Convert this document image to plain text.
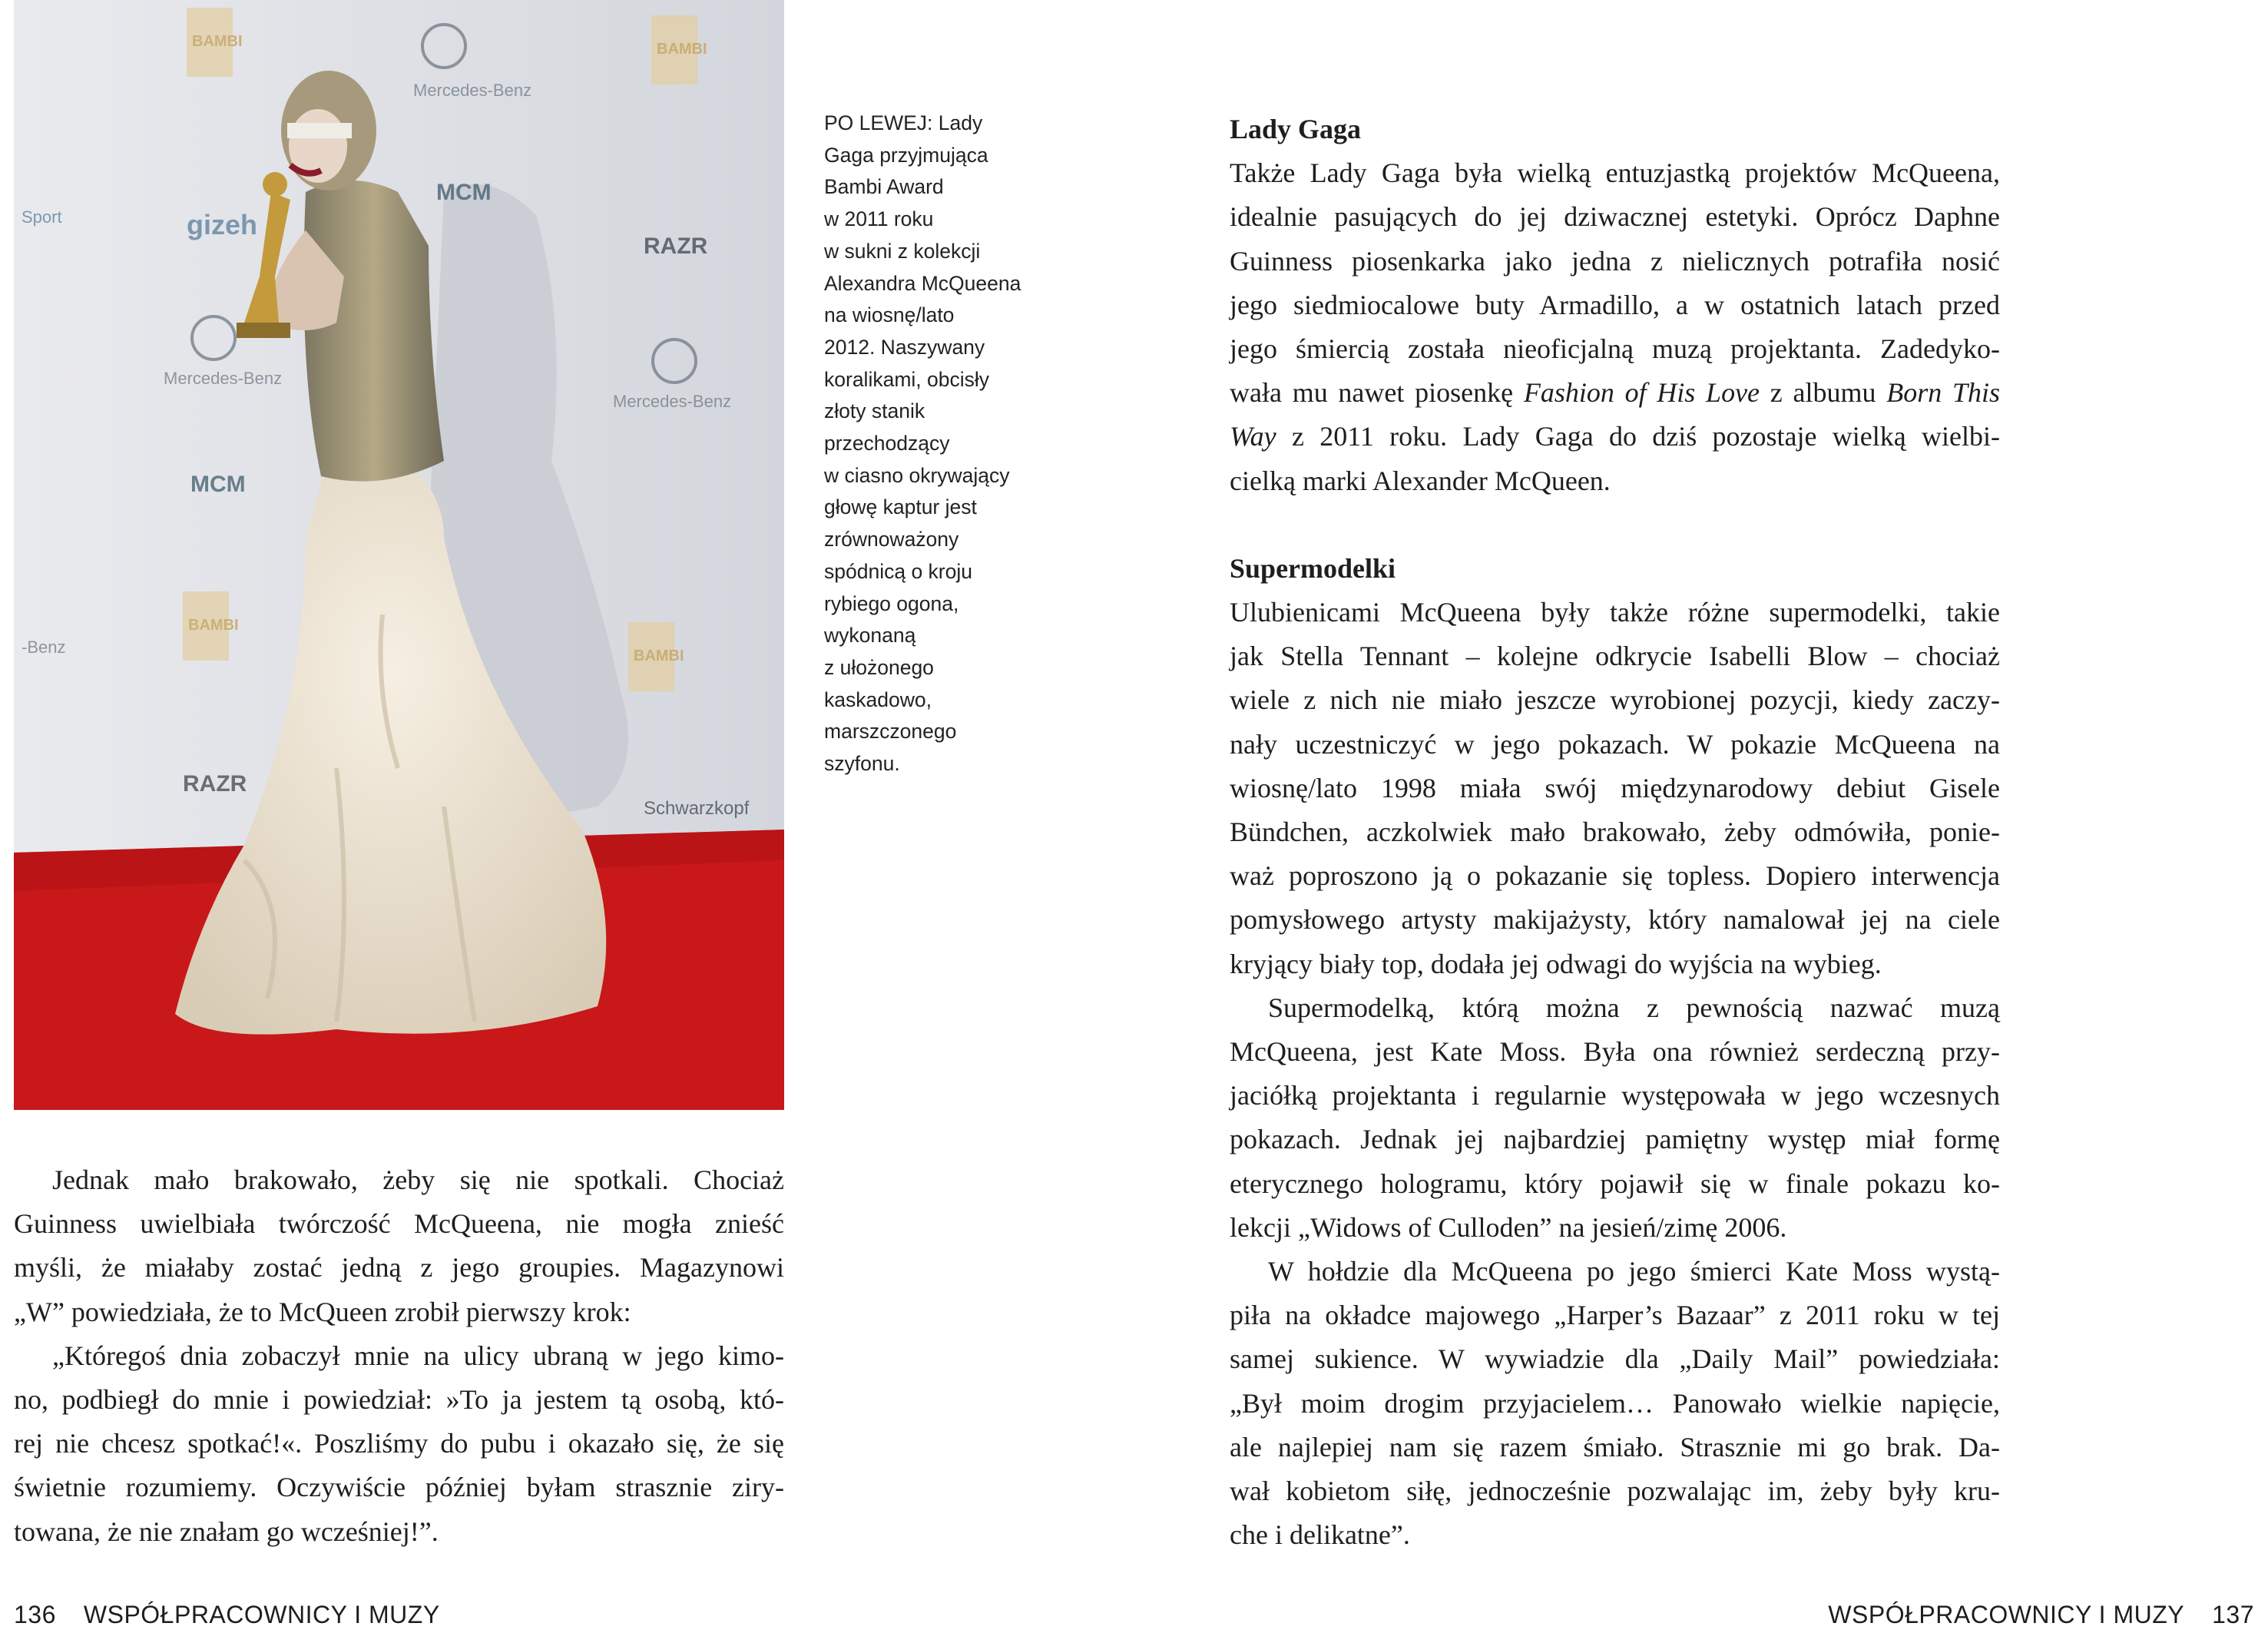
Mercedes-Benz
Mercedes-Benz
Mercedes-Benz
RAZR
gizeh
MCM
MCM
RAZR
Schwarzkopf
Sport
-Benz
BAMBI	BAMBI
BAMBI
BAMBI
PO LEWEJ: Lady
Gaga przyjmująca
Bambi Award
w 2011 roku
w sukni z kolekcji
Alexandra McQueena
na wiosnę/lato
2012. Naszywany
koralikami, obcisły
złoty stanik
przechodzący
w ciasno okrywający
głowę kaptur jest
zrównoważony
spódnicą o kroju
rybiego ogona,
wykonaną
z ułożonego
kaskadowo,
marszczonego
szyfonu.
Jednak mało brakowało, żeby się nie spotkali. Chociaż
Guinness uwielbiała twórczość McQueena, nie mogła znieść
myśli, że miałaby zostać jedną z jego groupies. Magazynowi
„W” powiedziała, że to McQueen zrobił pierwszy krok:
„Któregoś dnia zobaczył mnie na ulicy ubraną w jego kimo-
no, podbiegł do mnie i powiedział: »To ja jestem tą osobą, któ-
rej nie chcesz spotkać!«. Poszliśmy do pubu i okazało się, że się
świetnie rozumiemy. Oczywiście później byłam strasznie ziry-
towana, że nie znałam go wcześniej!”.
Lady Gaga
Także Lady Gaga była wielką entuzjastką projektów McQueena,
idealnie pasujących do jej dziwacznej estetyki. Oprócz Daphne
Guinness piosenkarka jako jedna z nielicznych potrafiła nosić
jego siedmiocalowe buty Armadillo, a w ostatnich latach przed
jego śmiercią została nieoficjalną muzą projektanta. Zadedyko-
wała mu nawet piosenkę Fashion of His Love z albumu Born This
Way z 2011 roku. Lady Gaga do dziś pozostaje wielką wielbi-
cielką marki Alexander McQueen.
Supermodelki
Ulubienicami McQueena były także różne supermodelki, takie
jak Stella Tennant – kolejne odkrycie Isabelli Blow – chociaż
wiele z nich nie miało jeszcze wyrobionej pozycji, kiedy zaczy-
nały uczestniczyć w jego pokazach. W pokazie McQueena na
wiosnę/lato 1998 miała swój międzynarodowy debiut Gisele
Bündchen, aczkolwiek mało brakowało, żeby odmówiła, ponie-
waż poproszono ją o pokazanie się topless. Dopiero interwencja
pomysłowego artysty makijażysty, który namalował jej na ciele
kryjący biały top, dodała jej odwagi do wyjścia na wybieg.
Supermodelką, którą można z pewnością nazwać muzą
McQueena, jest Kate Moss. Była ona również serdeczną przy-
jaciółką projektanta i regularnie występowała w jego wczesnych
pokazach. Jednak jej najbardziej pamiętny występ miał formę
eterycznego hologramu, który pojawił się w finale pokazu ko-
lekcji „Widows of Culloden” na jesień/zimę 2006.
W hołdzie dla McQueena po jego śmierci Kate Moss wystą-
piła na okładce majowego „Harper’s Bazaar” z 2011 roku w tej
samej sukience. W wywiadzie dla „Daily Mail” powiedziała:
„Był moim drogim przyjacielem… Panowało wielkie napięcie,
ale najlepiej nam się razem śmiało. Strasznie mi go brak. Da-
wał kobietom siłę, jednocześnie pozwalając im, żeby były kru-
che i delikatne”.
136 WSPÓŁPRACOWNICY I MUZY	WSPÓŁPRACOWNICY I MUZY 137
